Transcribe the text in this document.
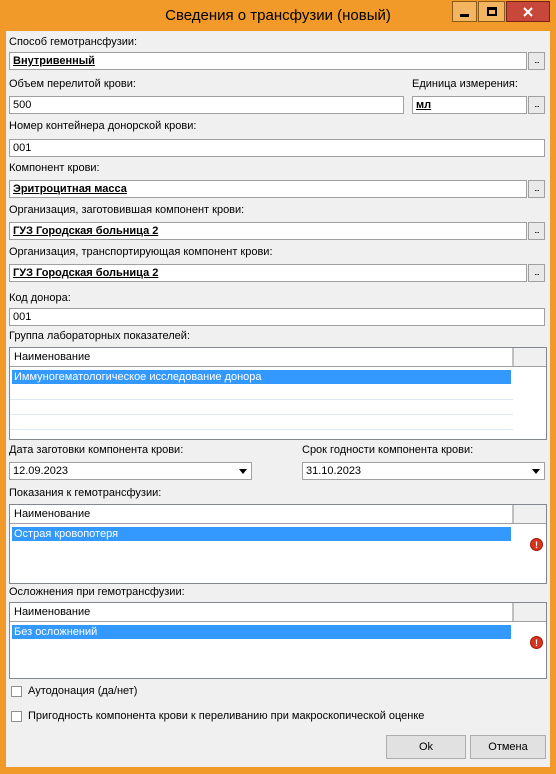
Сведения о трансфузии (новый)
Способ гемотрансфузии:
Внутривенный	...
Объем перелитой крови:	Единица измерения:
500	мл	...
Номер контейнера донорской крови:
001
Компонент крови:
Эритроцитная масса	...
Организация, заготовившая компонент крови:
ГУЗ Городская больница 2	...
Организация, транспортирующая компонент крови:
ГУЗ Городская больница 2	...
Код донора:
001
Группа лабораторных показателей:
Наименование
Иммуногематологическое исследование донора
Дата заготовки компонента крови:	Срок годности компонента крови:
12.09.2023	31.10.2023
Показания к гемотрансфузии:
Наименование
Острая кровопотеря
!
Осложнения при гемотрансфузии:
Наименование
Без осложнений
!
Аутодонация (да/нет)
Пригодность компонента крови к переливанию при макроскопической оценке
Ok	Отмена
